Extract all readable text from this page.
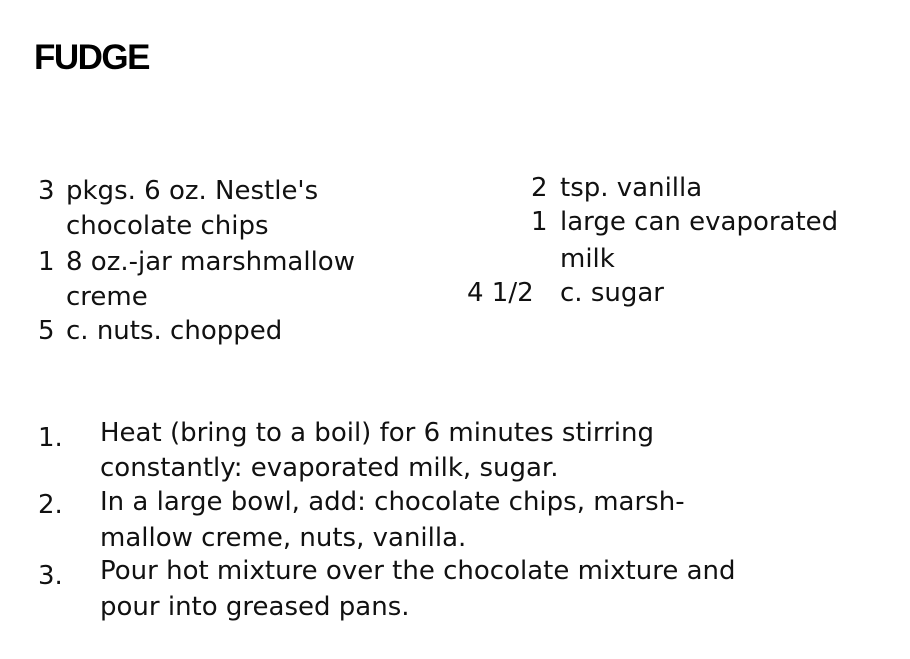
FUDGE
3 pkgs. 6 oz. Nestle's
chocolate chips
1 8 oz.-jar marshmallow
creme
5 c. nuts. chopped
2 tsp. vanilla
1 large can evaporated
milk
4 1/2 c. sugar
1. Heat (bring to a boil) for 6 minutes stirring
constantly: evaporated milk, sugar.
2. In a large bowl, add: chocolate chips, marsh-
mallow creme, nuts, vanilla.
3. Pour hot mixture over the chocolate mixture and
pour into greased pans.
